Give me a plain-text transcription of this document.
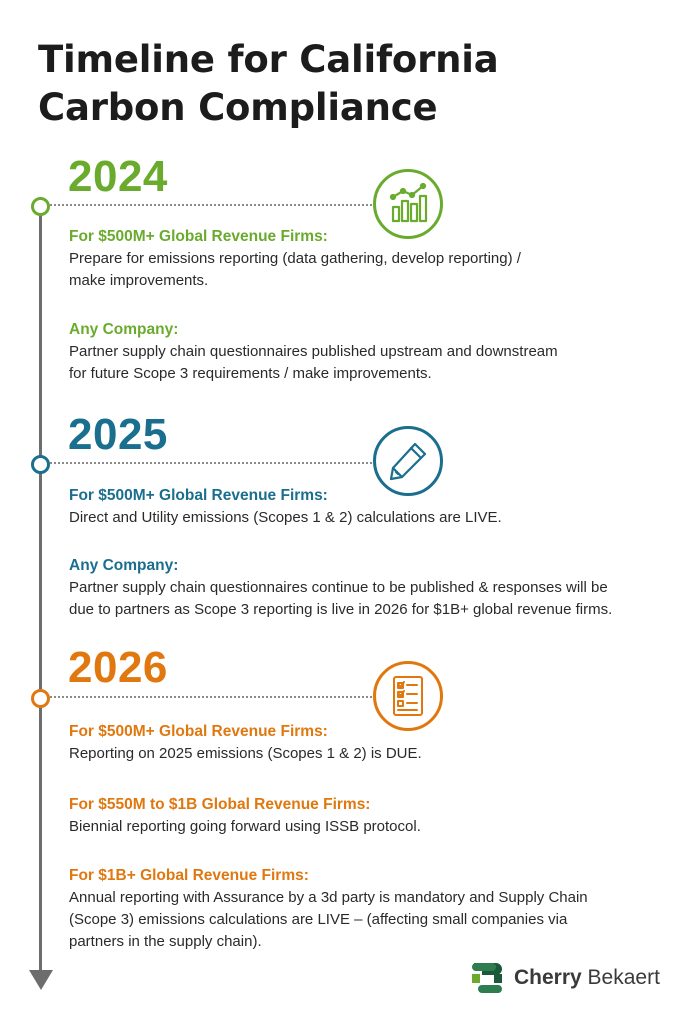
Timeline for California
Carbon Compliance
2024

For $500M+ Global Revenue Firms:

Prepare for emissions reporting (data gathering, develop reporting) /

make improvements.

Any Company:

Partner supply chain questionnaires published upstream and downstream

for future Scope 3 requirements / make improvements.

2025

For $500M+ Global Revenue Firms:

Direct and Utility emissions (Scopes 1 & 2) calculations are LIVE.

Any Company:

Partner supply chain questionnaires continue to be published & responses will be

due to partners as Scope 3 reporting is live in 2026 for $1B+ global revenue firms.

2026

For $500M+ Global Revenue Firms:

Reporting on 2025 emissions (Scopes 1 & 2) is DUE.

For $550M to $1B Global Revenue Firms:

Biennial reporting going forward using ISSB protocol.

For $1B+ Global Revenue Firms:

Annual reporting with Assurance by a 3d party is mandatory and Supply Chain

(Scope 3) emissions calculations are LIVE – (affecting small companies via

partners in the supply chain).

Cherry Bekaert
